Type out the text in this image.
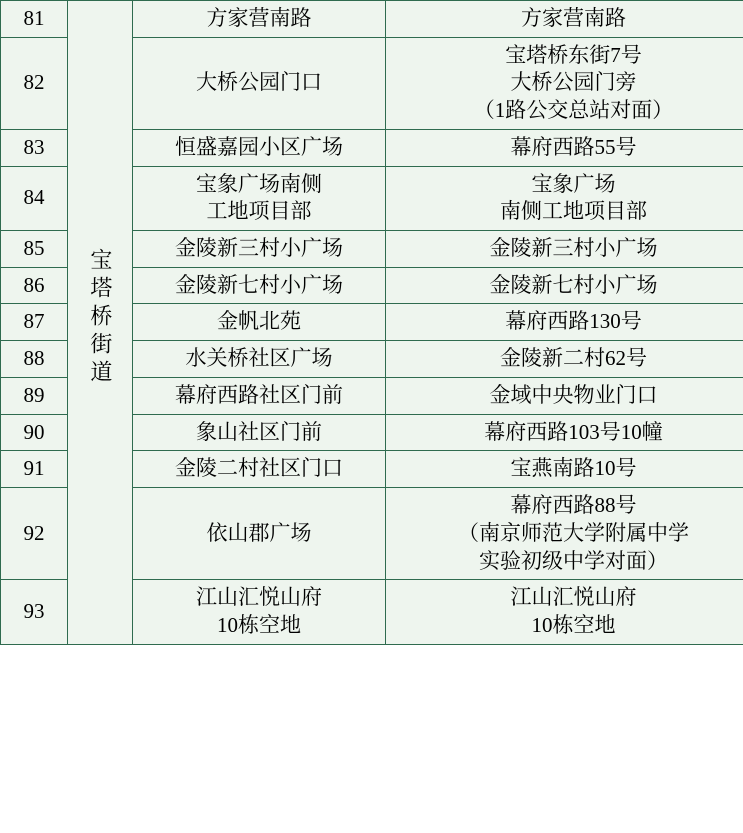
81	宝塔桥街道	方家营南路	方家营南路

82		大桥公园门口	宝塔桥东街7号
大桥公园门旁
（1路公交总站对面）

83		恒盛嘉园小区广场	幕府西路55号

84		宝象广场南侧
工地项目部	宝象广场
南侧工地项目部

85		金陵新三村小广场	金陵新三村小广场

86		金陵新七村小广场	金陵新七村小广场

87		金帆北苑	幕府西路130号

88		水关桥社区广场	金陵新二村62号

89		幕府西路社区门前	金域中央物业门口

90		象山社区门前	幕府西路103号10幢

91		金陵二村社区门口	宝燕南路10号

92		依山郡广场	幕府西路88号
（南京师范大学附属中学
实验初级中学对面）

93		江山汇悦山府
10栋空地	江山汇悦山府
10栋空地
